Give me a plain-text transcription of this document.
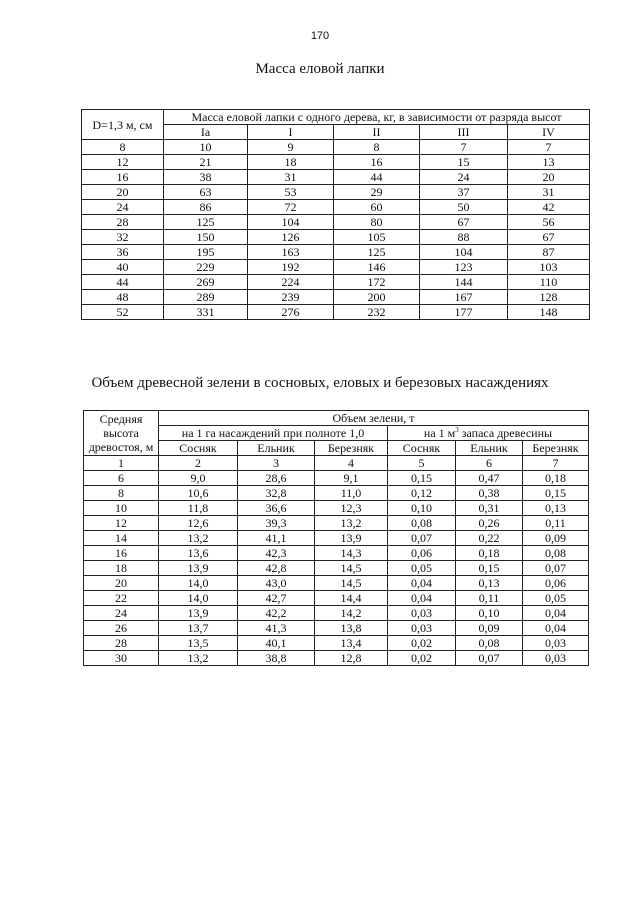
170
Масса еловой лапки
D=1,3 м, см	Масса еловой лапки с одного дерева, кг, в зависимости от разряда высот				
	Ia	I	II	III	IV
8	10	9	8	7	7
12	21	18	16	15	13
16	38	31	44	24	20
20	63	53	29	37	31
24	86	72	60	50	42
28	125	104	80	67	56
32	150	126	105	88	67
36	195	163	125	104	87
40	229	192	146	123	103
44	269	224	172	144	110
48	289	239	200	167	128
52	331	276	232	177	148
Объем древесной зелени в сосновых, еловых и березовых насаждениях
Средняя высота древостоя, м	Объем зелени, т					
	на 1 га насаждений при полноте 1,0			на 1 $м^3$ запаса древесины		
	Сосняк	Ельник	Березняк	Сосняк	Ельник	Березняк
1	2	3	4	5	6	7
6	9,0	28,6	9,1	0,15	0,47	0,18
8	10,6	32,8	11,0	0,12	0,38	0,15
10	11,8	36,6	12,3	0,10	0,31	0,13
12	12,6	39,3	13,2	0,08	0,26	0,11
14	13,2	41,1	13,9	0,07	0,22	0,09
16	13,6	42,3	14,3	0,06	0,18	0,08
18	13,9	42,8	14,5	0,05	0,15	0,07
20	14,0	43,0	14,5	0,04	0,13	0,06
22	14,0	42,7	14,4	0,04	0,11	0,05
24	13,9	42,2	14,2	0,03	0,10	0,04
26	13,7	41,3	13,8	0,03	0,09	0,04
28	13,5	40,1	13,4	0,02	0,08	0,03
30	13,2	38,8	12,8	0,02	0,07	0,03
